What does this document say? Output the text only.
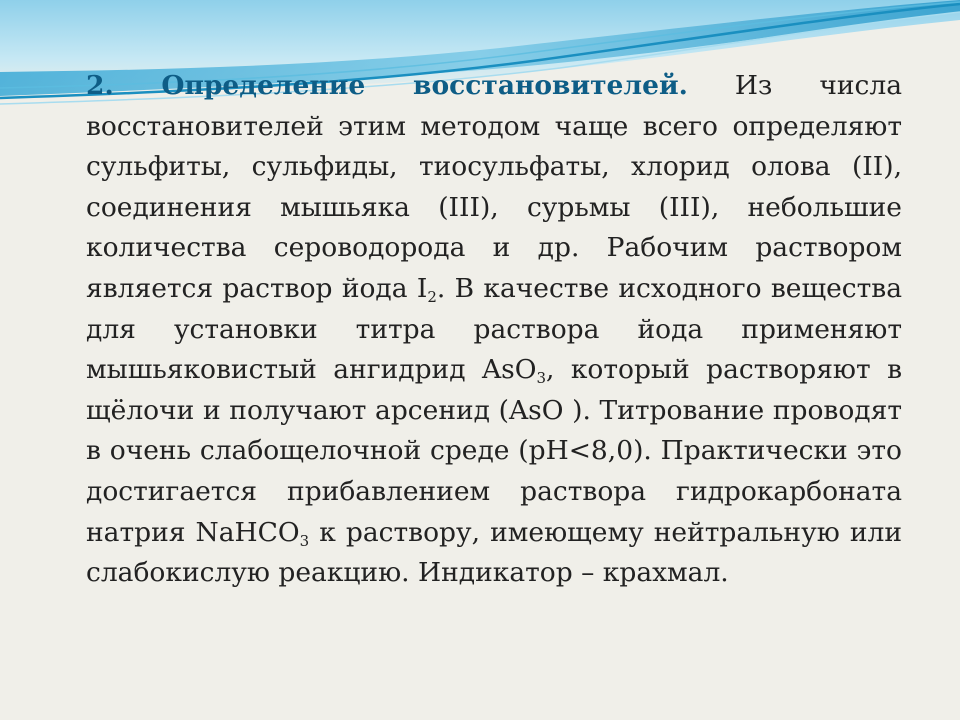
2. Определение восстановителей. Из числа восстановителей этим методом чаще всего определяют сульфиты, сульфиды, тиосульфаты, хлорид олова (II), соединения мышьяка (III), сурьмы (III), небольшие количества сероводорода и др. Рабочим раствором является раствор йода $I_2$. В качестве исходного вещества для установки титра раствора йода применяют мышьяковистый ангидрид AsO$_3$, который растворяют в щёлочи и получают арсенид (AsO ). Титрование проводят в очень слабощелочной среде (pH<8,0). Практически это достигается прибавлением раствора гидрокарбоната натрия NaHCO$_3$ к раствору, имеющему нейтральную или слабокислую реакцию. Индикатор – крахмал.
